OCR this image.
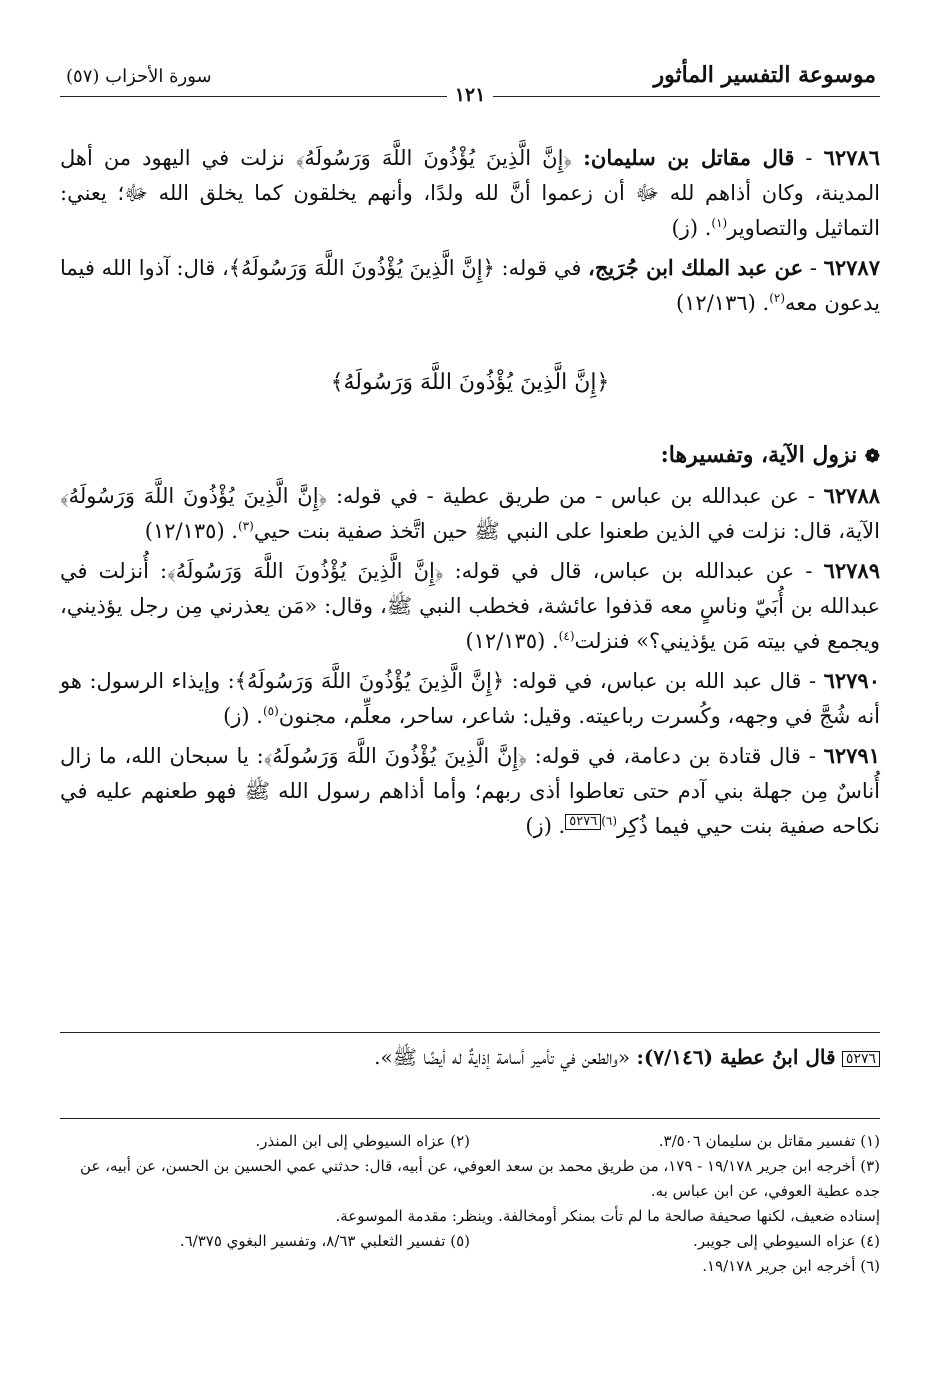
موسوعة التفسير المأثور
سورة الأحزاب (٥٧)
١٢١

٦٢٧٨٦ - قال مقاتل بن سليمان: ﴿إِنَّ الَّذِينَ يُؤْذُونَ اللَّهَ وَرَسُولَهُ﴾ نزلت في اليهود من أهل المدينة، وكان أذاهم لله ﷻ أن زعموا أنَّ لله ولدًا، وأنهم يخلقون كما يخلق الله ﷻ؛ يعني: التماثيل والتصاوير$^{(١)}$. (ز)

٦٢٧٨٧ - عن عبد الملك ابن جُرَيج، في قوله: ﴿إِنَّ الَّذِينَ يُؤْذُونَ اللَّهَ وَرَسُولَهُ﴾، قال: آذوا الله فيما يدعون معه$^{(٢)}$. (١٢/١٣٦)

﴿إِنَّ الَّذِينَ يُؤْذُونَ اللَّهَ وَرَسُولَهُ﴾
❁ نزول الآية، وتفسيرها:

٦٢٧٨٨ - عن عبدالله بن عباس - من طريق عطية - في قوله: ﴿إِنَّ الَّذِينَ يُؤْذُونَ اللَّهَ وَرَسُولَهُ﴾ الآية، قال: نزلت في الذين طعنوا على النبي ﷺ حين اتَّخذ صفية بنت حيي$^{(٣)}$. (١٢/١٣٥)

٦٢٧٨٩ - عن عبدالله بن عباس، قال في قوله: ﴿إِنَّ الَّذِينَ يُؤْذُونَ اللَّهَ وَرَسُولَهُ﴾: أُنزلت في عبدالله بن أُبَيّ وناسٍ معه قذفوا عائشة، فخطب النبي ﷺ، وقال: «مَن يعذرني مِن رجل يؤذيني، ويجمع في بيته مَن يؤذيني؟» فنزلت$^{(٤)}$. (١٢/١٣٥)

٦٢٧٩٠ - قال عبد الله بن عباس، في قوله: ﴿إِنَّ الَّذِينَ يُؤْذُونَ اللَّهَ وَرَسُولَهُ﴾: وإيذاء الرسول: هو أنه شُجَّ في وجهه، وكُسرت رباعيته. وقيل: شاعر، ساحر، معلِّم، مجنون$^{(٥)}$. (ز)

٦٢٧٩١ - قال قتادة بن دعامة، في قوله: ﴿إِنَّ الَّذِينَ يُؤْذُونَ اللَّهَ وَرَسُولَهُ﴾: يا سبحان الله، ما زال أُناسٌ مِن جهلة بني آدم حتى تعاطوا أذى ربهم؛ وأما أذاهم رسول الله ﷺ فهو طعنهم عليه في نكاحه صفية بنت حيي فيما ذُكِر$^{(٦)}$٥٢٧٦. (ز)

٥٢٧٦ قال ابنُ عطية (٧/١٤٦): «والطعن في تأمير أسامة إذايةٌ له أيضًا ﷺ».
(١) تفسير مقاتل بن سليمان ٣/٥٠٦.
(٢) عزاه السيوطي إلى ابن المنذر.
(٣) أخرجه ابن جرير ١٩/١٧٨ - ١٧٩، من طريق محمد بن سعد العوفي، عن أبيه، قال: حدثني عمي الحسين بن الحسن، عن أبيه، عن جده عطية العوفي، عن ابن عباس به.
إسناده ضعيف، لكنها صحيفة صالحة ما لم تأت بمنكر أومخالفة. وينظر: مقدمة الموسوعة.
(٤) عزاه السيوطي إلى جويبر.
(٥) تفسير الثعلبي ٨/٦٣، وتفسير البغوي ٦/٣٧٥.
(٦) أخرجه ابن جرير ١٩/١٧٨.
